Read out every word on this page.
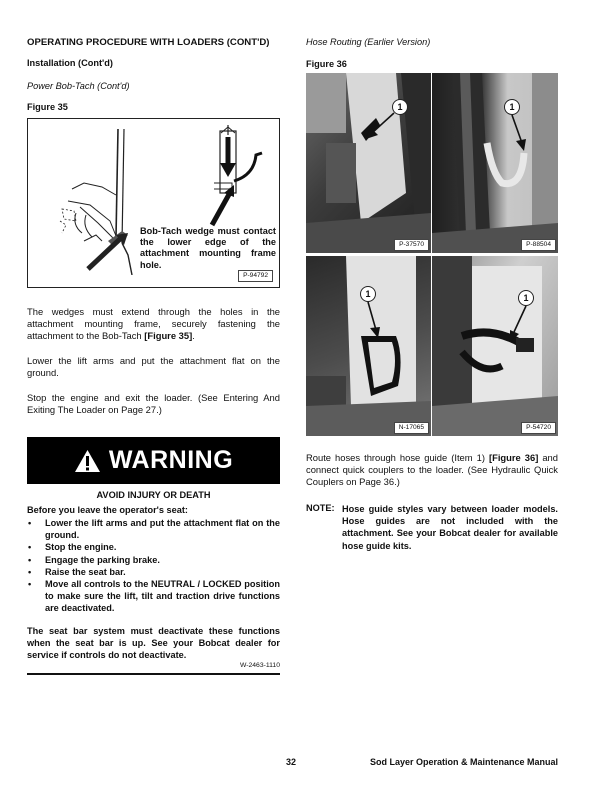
OPERATING PROCEDURE WITH LOADERS (CONT'D)
Installation (Cont'd)
Power Bob-Tach (Cont'd)
Figure 35
Bob-Tach wedge must contact the lower edge of the attachment mounting frame hole.
P-94792
The wedges must extend through the holes in the attachment mounting frame, securely fastening the attachment to the Bob-Tach [Figure 35].
Lower the lift arms and put the attachment flat on the ground.
Stop the engine and exit the loader. (See Entering And Exiting The Loader on Page 27.)
WARNING
AVOID INJURY OR DEATH
Before you leave the operator's seat:
• Lower the lift arms and put the attachment flat on the ground.
• Stop the engine.
• Engage the parking brake.
• Raise the seat bar.
• Move all controls to the NEUTRAL / LOCKED position to make sure the lift, tilt and traction drive functions are deactivated.
The seat bar system must deactivate these functions when the seat bar is up. See your Bobcat dealer for service if controls do not deactivate.
W-2463-1110
Hose Routing (Earlier Version)
Figure 36
1
P-37570
1
P-88504
1
N-17065
1
P-54720
Route hoses through hose guide (Item 1) [Figure 36] and connect quick couplers to the loader. (See Hydraulic Quick Couplers on Page 36.)
NOTE: Hose guide styles vary between loader models. Hose guides are not included with the attachment. See your Bobcat dealer for available hose guide kits.
32	Sod Layer Operation & Maintenance Manual
